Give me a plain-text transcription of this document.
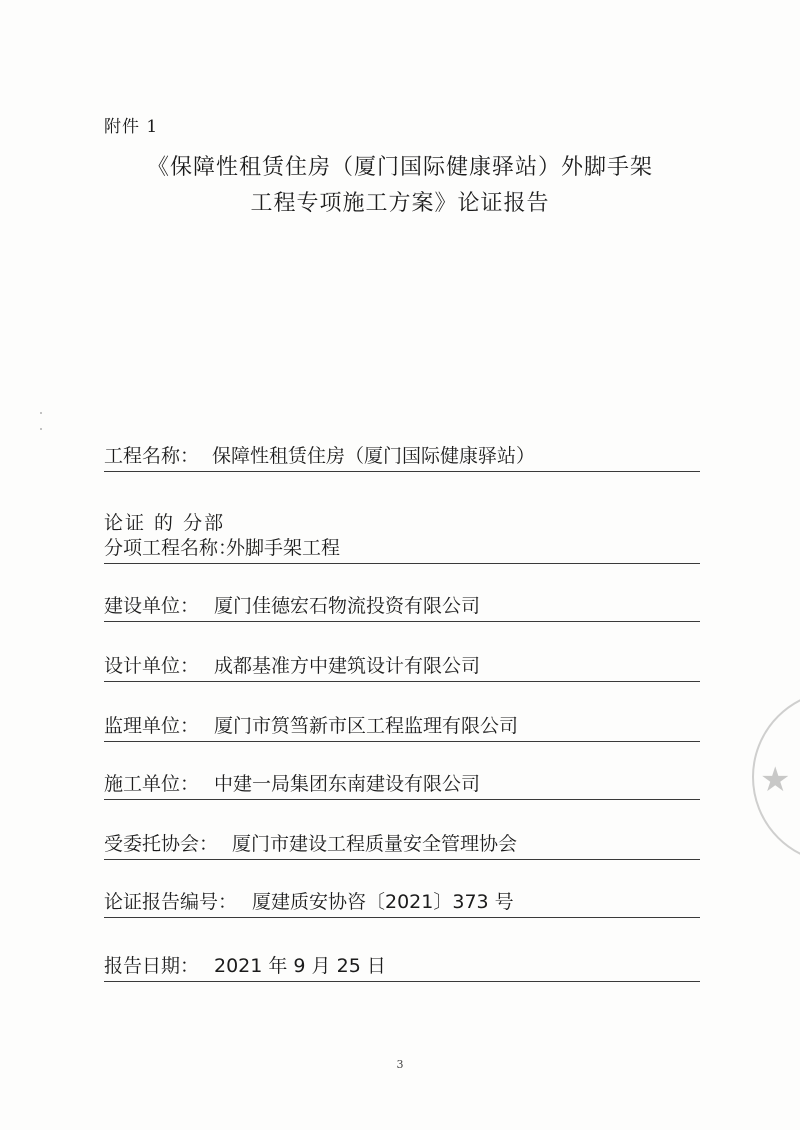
附件 1
《保障性租赁住房（厦门国际健康驿站）外脚手架
工程专项施工方案》论证报告
工程名称： 保障性租赁住房（厦门国际健康驿站）
论证 的 分部
分项工程名称：
外脚手架工程
建设单位： 厦门佳德宏石物流投资有限公司
设计单位： 成都基准方中建筑设计有限公司
监理单位： 厦门市筼筜新市区工程监理有限公司
施工单位： 中建一局集团东南建设有限公司
受委托协会： 厦门市建设工程质量安全管理协会
论证报告编号： 厦建质安协咨〔2021〕373 号
报告日期： 2021 年 9 月 25 日
★
3
